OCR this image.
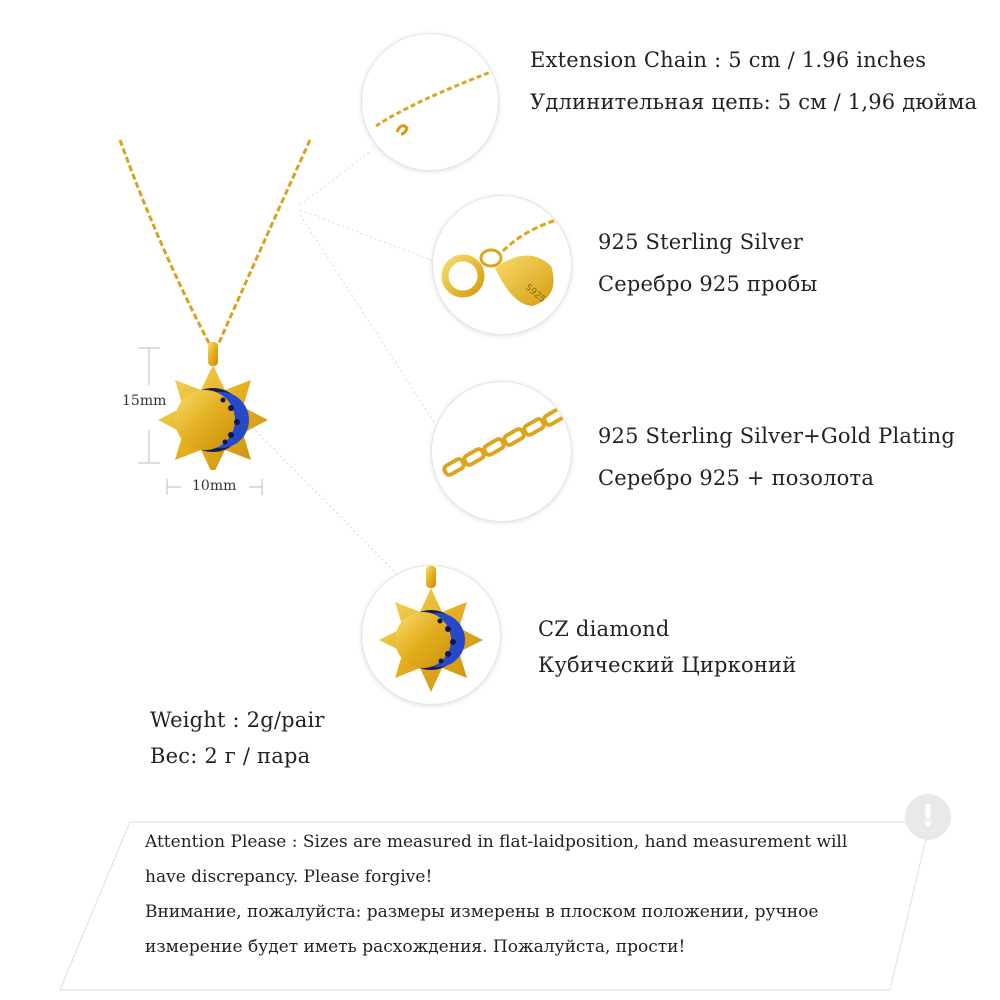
15mm
10mm
Extension Chain : 5 cm / 1.96 inches
Удлинительная цепь: 5 см / 1,96 дюйма
S925
925 Sterling Silver
Серебро 925 пробы
925 Sterling Silver+Gold Plating
Серебро 925 + позолота
CZ diamond
Кубический Цирконий
Weight : 2g/pair
Вес: 2 г / пара
!
Attention Please : Sizes are measured in flat-laidposition, hand measurement will
have discrepancy. Please forgive!
Внимание, пожалуйста: размеры измерены в плоском положении, ручное
измерение будет иметь расхождения. Пожалуйста, прости!
